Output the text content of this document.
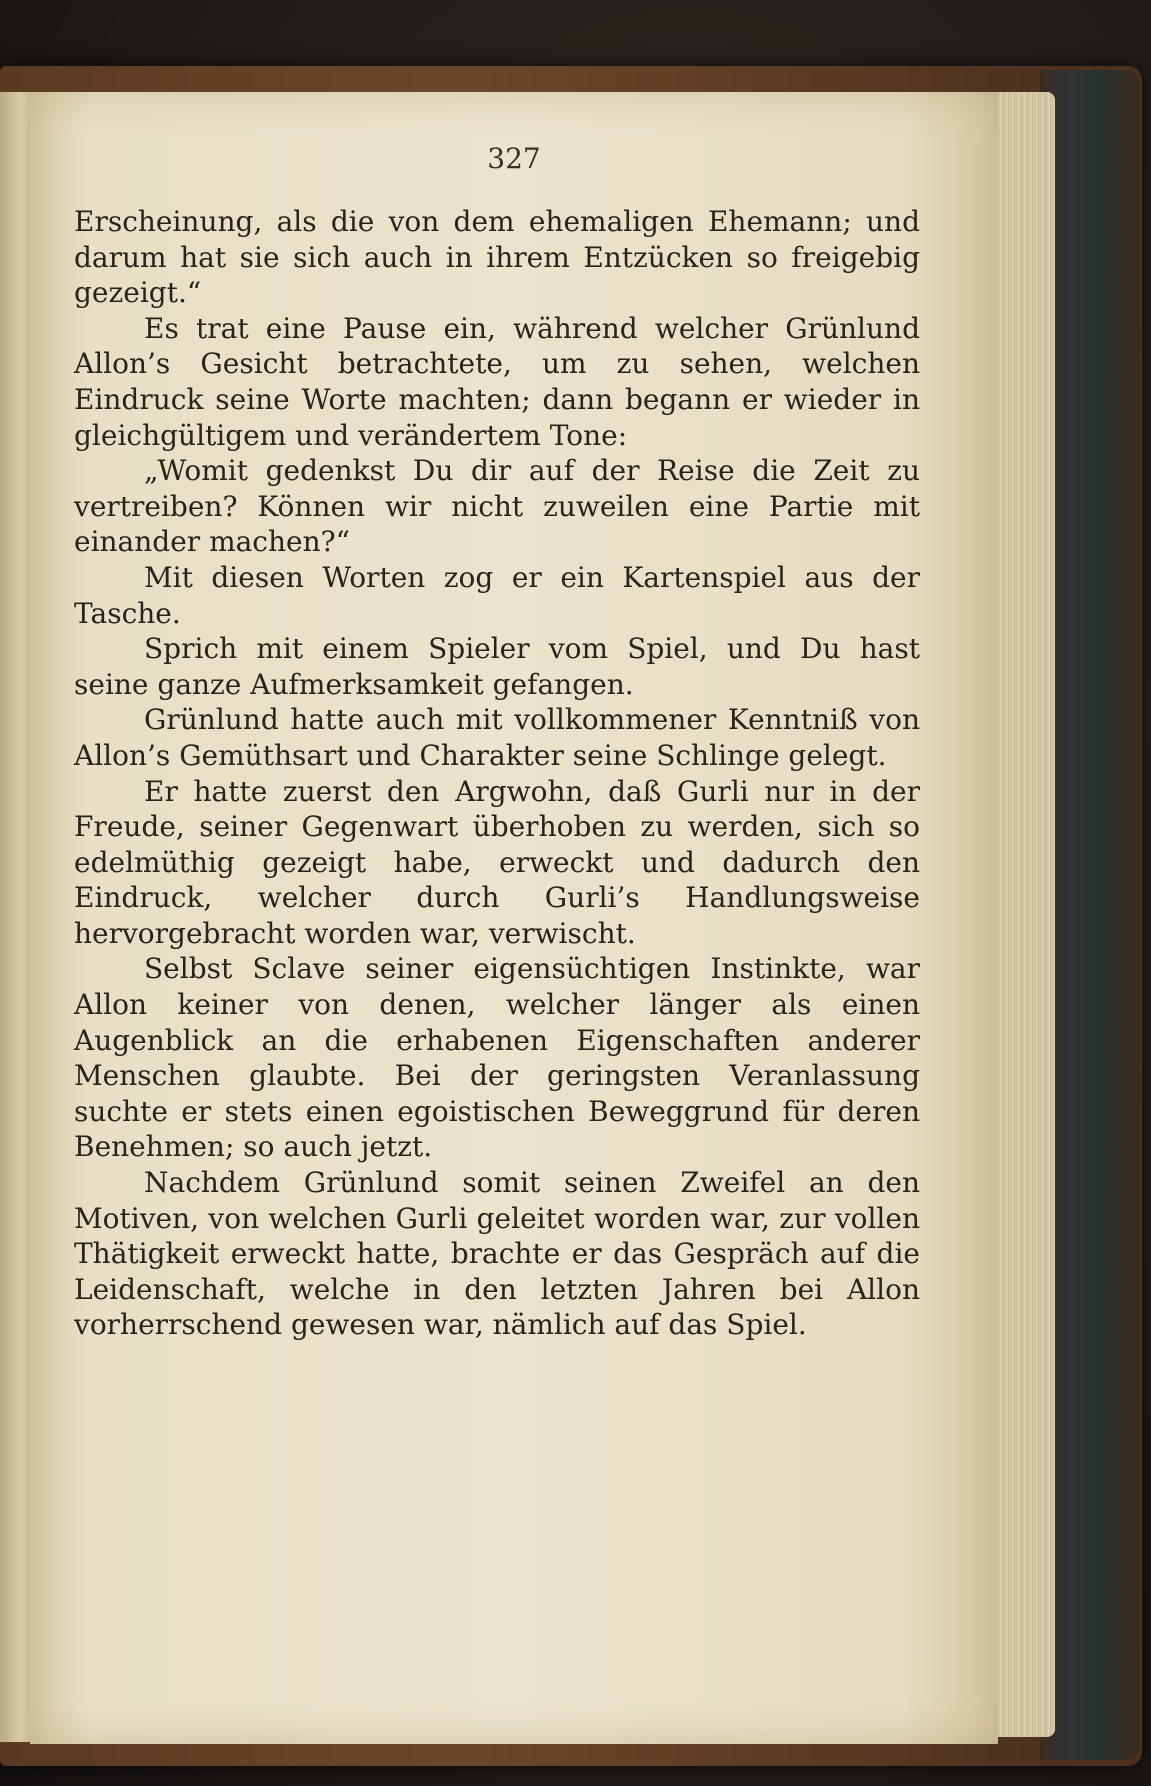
327

Erscheinung, als die von dem ehemaligen Ehemann; und darum hat sie sich auch in ihrem Entzücken so freigebig gezeigt.“

Es trat eine Pause ein, während welcher Grünlund Allon’s Gesicht betrachtete, um zu sehen, welchen Eindruck seine Worte machten; dann begann er wieder in gleichgültigem und verändertem Tone:

„Womit gedenkst Du dir auf der Reise die Zeit zu vertreiben? Können wir nicht zuweilen eine Partie mit einander machen?“

Mit diesen Worten zog er ein Kartenspiel aus der Tasche.

Sprich mit einem Spieler vom Spiel, und Du hast seine ganze Aufmerksamkeit gefangen.

Grünlund hatte auch mit vollkommener Kenntniß von Allon’s Gemüthsart und Charakter seine Schlinge gelegt.

Er hatte zuerst den Argwohn, daß Gurli nur in der Freude, seiner Gegenwart überhoben zu werden, sich so edelmüthig gezeigt habe, erweckt und dadurch den Eindruck, welcher durch Gurli’s Handlungsweise hervorgebracht worden war, verwischt.

Selbst Sclave seiner eigensüchtigen Instinkte, war Allon keiner von denen, welcher länger als einen Augenblick an die erhabenen Eigenschaften anderer Menschen glaubte. Bei der geringsten Veranlassung suchte er stets einen egoistischen Beweggrund für deren Benehmen; so auch jetzt.

Nachdem Grünlund somit seinen Zweifel an den Motiven, von welchen Gurli geleitet worden war, zur vollen Thätigkeit erweckt hatte, brachte er das Gespräch auf die Leidenschaft, welche in den letzten Jahren bei Allon vorherrschend gewesen war, nämlich auf das Spiel.
